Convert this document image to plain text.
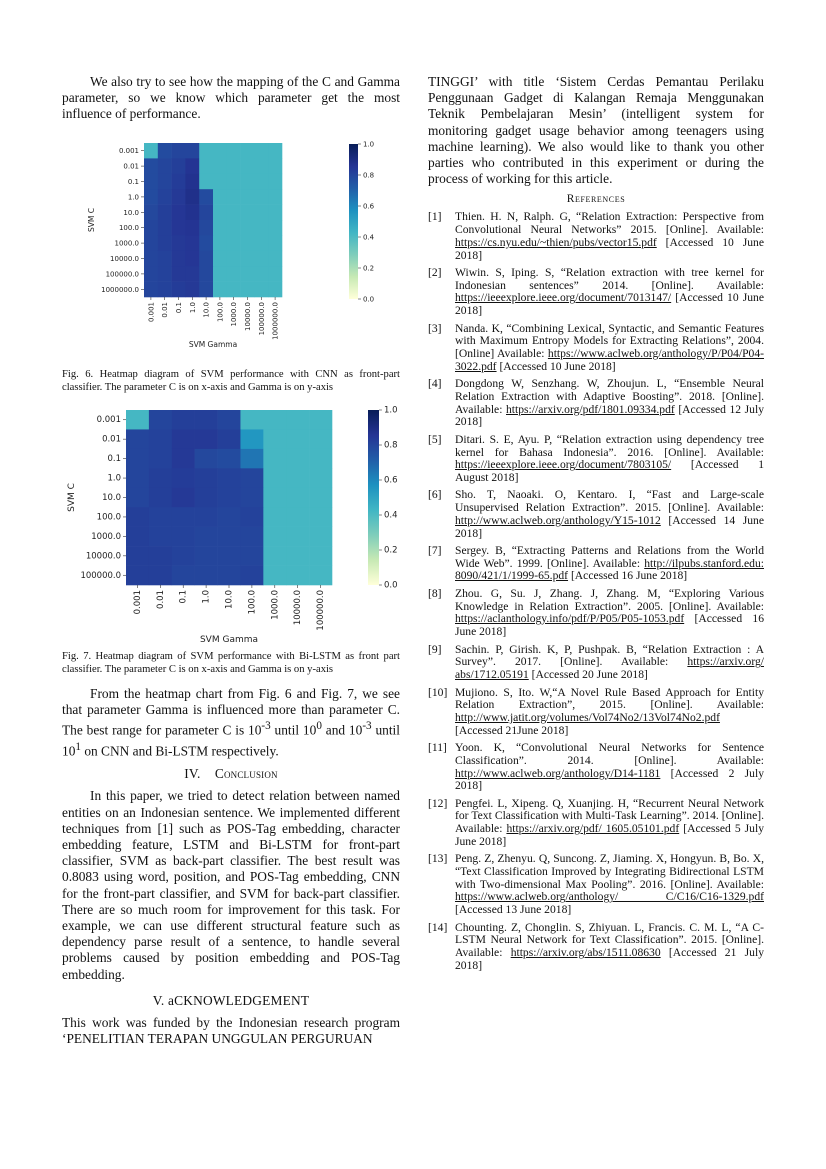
We also try to see how the mapping of the C and Gamma parameter, so we know which parameter get the most influence of performance.

0.001
0.01
0.1
1.0
10.0
100.0
1000.0
10000.0
100000.0
1000000.0
0.001 0.01 0.1 1.0 10.0 100.0 1000.0 10000.0 100000.0 1000000.0
SVM Gamma
SVM C
0.0
0.2
0.4
0.6
0.8
1.0

Fig. 6. Heatmap diagram of SVM performance with CNN as front-part classifier. The parameter C is on x-axis and Gamma is on y-axis

0.001
0.01
0.1
1.0
10.0
100.0
1000.0
10000.0
100000.0
0.001 0.01 0.1 1.0 10.0 100.0 1000.0 10000.0 100000.0
SVM Gamma
SVM C
0.0
0.2
0.4
0.6
0.8
1.0

Fig. 7. Heatmap diagram of SVM performance with Bi-LSTM as front part classifier. The parameter C is on x-axis and Gamma is on y-axis

From the heatmap chart from Fig. 6 and Fig. 7, we see that parameter Gamma is influenced more than parameter C. The best range for parameter C is $10^{-3}$ until $10^0$ and $10^{-3}$ until $10^1$ on CNN and Bi-LSTM respectively.

IV. Conclusion

In this paper, we tried to detect relation between named entities on an Indonesian sentence. We implemented different techniques from [1] such as POS-Tag embedding, character embedding feature, LSTM and Bi-LSTM for front-part classifier, SVM as back-part classifier. The best result was 0.8083 using word, position, and POS-Tag embedding, CNN for the front-part classifier, and SVM for back-part classifier. There are so much room for improvement for this task. For example, we can use different structural feature such as dependency parse result of a sentence, to handle several problems caused by position embedding and POS-Tag embedding.

V. aCKNOWLEDGEMENT

This work was funded by the Indonesian research program ‘PENELITIAN TERAPAN UNGGULAN PERGURUAN

TINGGI’ with title ‘Sistem Cerdas Pemantau Perilaku Penggunaan Gadget di Kalangan Remaja Menggunakan Teknik Pembelajaran Mesin’ (intelligent system for monitoring gadget usage behavior among teenagers using machine learning). We also would like to thank you other parties who contributed in this experiment or during the process of working for this article.

References
[1]	Thien. H. N, Ralph. G, “Relation Extraction: Perspective from Convolutional Neural Networks” 2015. [Online]. Available: https://cs.nyu.edu/~thien/pubs/vector15.pdf [Accessed 10 June 2018]
[2]	Wiwin. S, Iping. S, “Relation extraction with tree kernel for Indonesian sentences” 2014. [Online]. Available: https://ieeexplore.ieee.org/document/7013147/ [Accessed 10 June 2018]
[3]	Nanda. K, “Combining Lexical, Syntactic, and Semantic Features with Maximum Entropy Models for Extracting Relations”, 2004. [Online] Available: https://www.aclweb.org/anthology/P/P04/P04-3022.pdf [Accessed 10 June 2018]
[4]	Dongdong W, Senzhang. W, Zhoujun. L, “Ensemble Neural Relation Extraction with Adaptive Boosting”. 2018. [Online]. Available: https://arxiv.org/pdf/1801.09334.pdf [Accessed 12 July 2018]
[5]	Ditari. S. E, Ayu. P, “Relation extraction using dependency tree kernel for Bahasa Indonesia”. 2016. [Online]. Available: https://ieeexplore.ieee.org/document/7803105/ [Accessed 1 August 2018]
[6]	Sho. T, Naoaki. O, Kentaro. I, “Fast and Large-scale Unsupervised Relation Extraction”. 2015. [Online]. Available: http://www.aclweb.org/anthology/Y15-1012 [Accessed 14 June 2018]
[7]	Sergey. B, “Extracting Patterns and Relations from the World Wide Web”. 1999. [Online]. Available: http://ilpubs.stanford.edu: 8090/421/1/1999-65.pdf [Accessed 16 June 2018]
[8]	Zhou. G, Su. J, Zhang. J, Zhang. M, “Exploring Various Knowledge in Relation Extraction”. 2005. [Online]. Available: https://aclanthology.info/pdf/P/P05/P05-1053.pdf [Accessed 16 June 2018]
[9]	Sachin. P, Girish. K, P, Pushpak. B, “Relation Extraction : A Survey”. 2017. [Online]. Available: https://arxiv.org/ abs/1712.05191 [Accessed 20 June 2018]
[10] Mujiono. S, Ito. W,“A Novel Rule Based Approach for Entity Relation Extraction”, 2015. [Online]. Available: http://www.jatit.org/volumes/Vol74No2/13Vol74No2.pdf [Accessed 21June 2018]
[11] Yoon. K, “Convolutional Neural Networks for Sentence Classification”. 2014. [Online]. Available: http://www.aclweb.org/anthology/D14-1181 [Accessed 2 July 2018]
[12] Pengfei. L, Xipeng. Q, Xuanjing. H, “Recurrent Neural Network for Text Classification with Multi-Task Learning”. 2014. [Online]. Available: https://arxiv.org/pdf/ 1605.05101.pdf [Accessed 5 July June 2018]
[13] Peng. Z, Zhenyu. Q, Suncong. Z, Jiaming. X, Hongyun. B, Bo. X, “Text Classification Improved by Integrating Bidirectional LSTM with Two-dimensional Max Pooling”. 2016. [Online]. Available: https://www.aclweb.org/anthology/ C/C16/C16-1329.pdf [Accessed 13 June 2018]
[14] Chounting. Z, Chonglin. S, Zhiyuan. L, Francis. C. M. L, “A C-LSTM Neural Network for Text Classification”. 2015. [Online]. Available: https://arxiv.org/abs/1511.08630 [Accessed 21 July 2018]
